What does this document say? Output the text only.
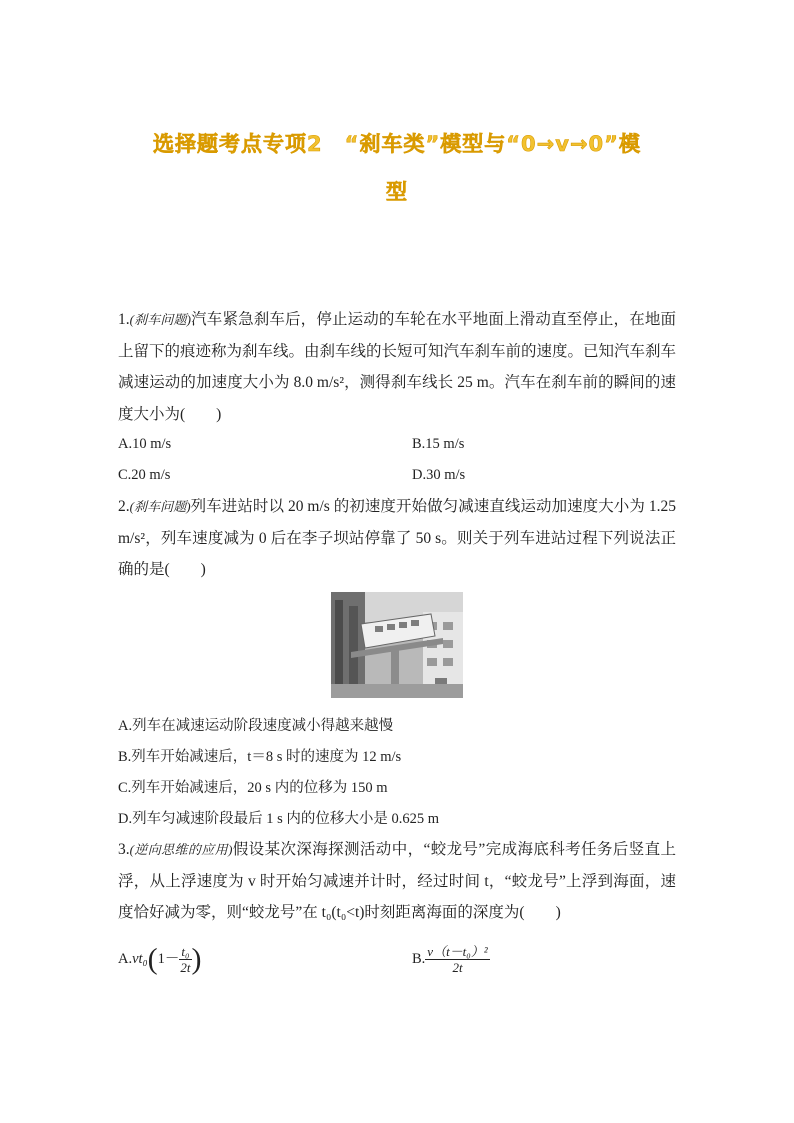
选择题考点专项2　“刹车类”模型与“0→v→0”模
型
1.(刹车问题)汽车紧急刹车后，停止运动的车轮在水平地面上滑动直至停止，在地面上留下的痕迹称为刹车线。由刹车线的长短可知汽车刹车前的速度。已知汽车刹车减速运动的加速度大小为 8.0 m/s²，测得刹车线长 25 m。汽车在刹车前的瞬间的速度大小为(　　)
A.10 m/s	B.15 m/s
C.20 m/s	D.30 m/s
2.(刹车问题)列车进站时以 20 m/s 的初速度开始做匀减速直线运动加速度大小为 1.25 m/s²，列车速度减为 0 后在李子坝站停靠了 50 s。则关于列车进站过程下列说法正确的是(　　)
A.列车在减速运动阶段速度减小得越来越慢
B.列车开始减速后，t＝8 s 时的速度为 12 m/s
C.列车开始减速后，20 s 内的位移为 150 m
D.列车匀减速阶段最后 1 s 内的位移大小是 0.625 m
3.(逆向思维的应用)假设某次深海探测活动中，“蛟龙号”完成海底科考任务后竖直上浮，从上浮速度为 v 时开始匀减速并计时，经过时间 t，“蛟龙号”上浮到海面，速度恰好减为零，则“蛟龙号”在 t₀(t₀<t)时刻距离海面的深度为(　　)
$A.vt_0(1- \frac{\text{t₀}}{2t}$ )	B. $\frac{\text{v（t－t₀）²}}{2t}$
